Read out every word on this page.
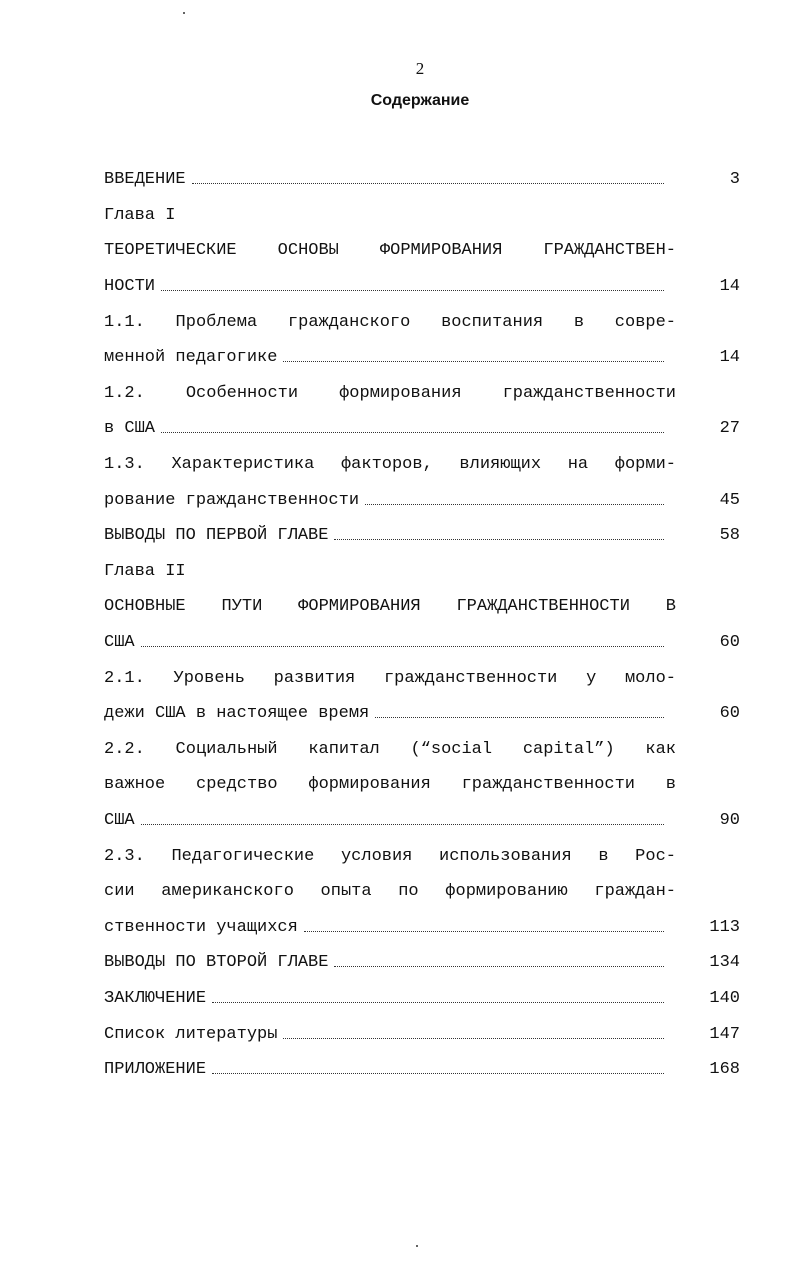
2
Содержание
ВВЕДЕНИЕ	3
Глава I
ТЕОРЕТИЧЕСКИЕ ОСНОВЫ ФОРМИРОВАНИЯ ГРАЖДАНСТВЕН-
НОСТИ	14
1.1. Проблема гражданского воспитания в совре-
менной педагогике	14
1.2. Особенности формирования гражданственности
в США	27
1.3. Характеристика факторов, влияющих на форми-
рование гражданственности	45
ВЫВОДЫ ПО ПЕРВОЙ ГЛАВЕ	58
Глава II
ОСНОВНЫЕ ПУТИ ФОРМИРОВАНИЯ ГРАЖДАНСТВЕННОСТИ В
США	60
2.1. Уровень развития гражданственности у моло-
дежи США в настоящее время	60
2.2. Социальный капитал (“social capital”) как
важное средство формирования гражданственности в
США	90
2.3. Педагогические условия использования в Рос-
сии американского опыта по формированию граждан-
ственности учащихся	113
ВЫВОДЫ ПО ВТОРОЙ ГЛАВЕ	134
ЗАКЛЮЧЕНИЕ	140
Список литературы	147
ПРИЛОЖЕНИЕ	168
